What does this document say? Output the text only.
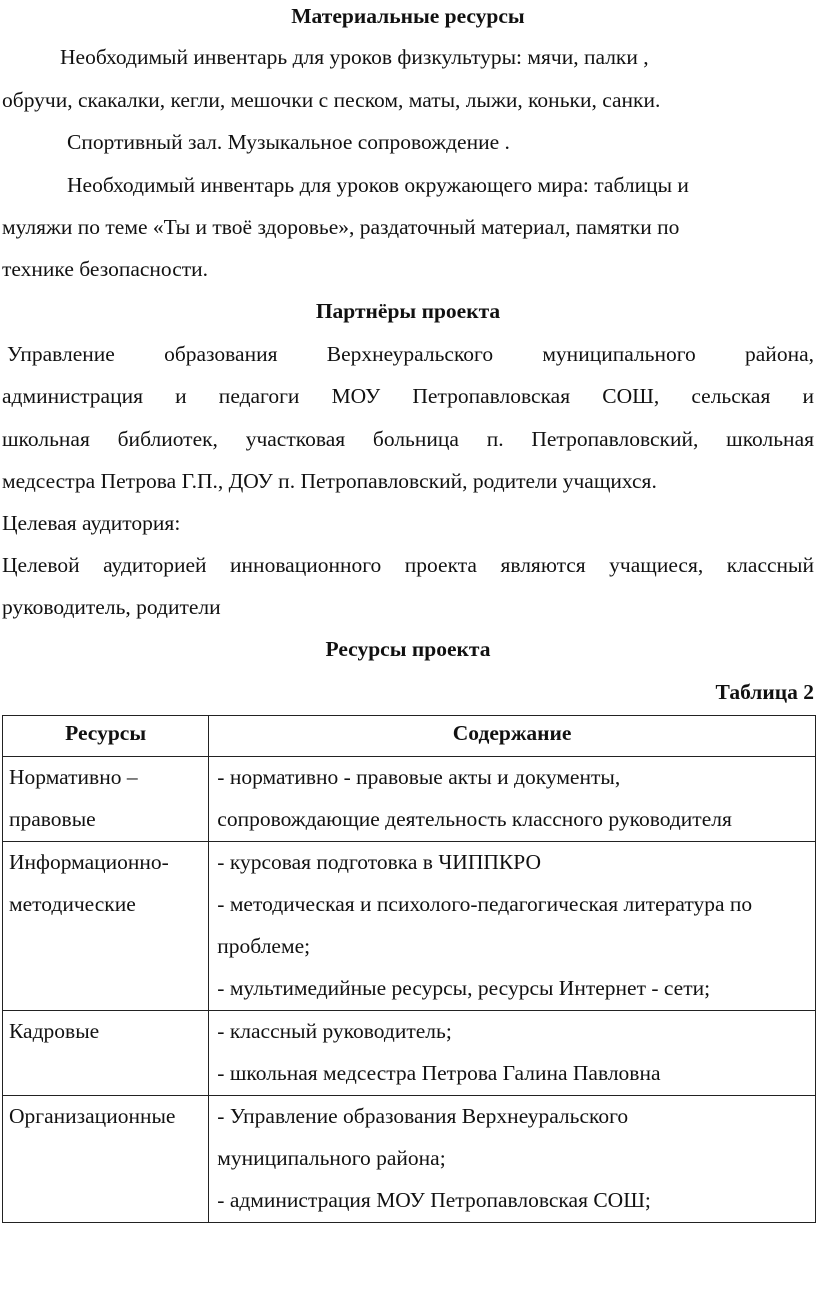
Материальные ресурсы
Необходимый инвентарь для уроков физкультуры: мячи, палки ,
обручи, скакалки, кегли, мешочки с песком, маты, лыжи, коньки, санки.
Спортивный зал. Музыкальное сопровождение .
Необходимый инвентарь для уроков окружающего мира: таблицы и
муляжи по теме «Ты и твоё здоровье», раздаточный материал, памятки по
технике безопасности.
Партнёры проекта
Управление образования Верхнеуральского муниципального района,
администрация и педагоги МОУ Петропавловская СОШ, сельская и
школьная библиотек, участковая больница п. Петропавловский, школьная
медсестра Петрова Г.П., ДОУ п. Петропавловский, родители учащихся.
Целевая аудитория:
Целевой аудиторией инновационного проекта являются учащиеся, классный
руководитель, родители
Ресурсы проекта
Таблица 2
Ресурсы	Содержание

Нормативно –
правовые	- нормативно - правовые акты и документы,
сопровождающие деятельность классного руководителя

Информационно-
методические	- курсовая подготовка в ЧИППКРО
- методическая и психолого-педагогическая литература по
проблеме;
- мультимедийные ресурсы, ресурсы Интернет - сети;

Кадровые	- классный руководитель;
- школьная медсестра Петрова Галина Павловна

Организационные	- Управление образования Верхнеуральского
муниципального района;
- администрация МОУ Петропавловская СОШ;
